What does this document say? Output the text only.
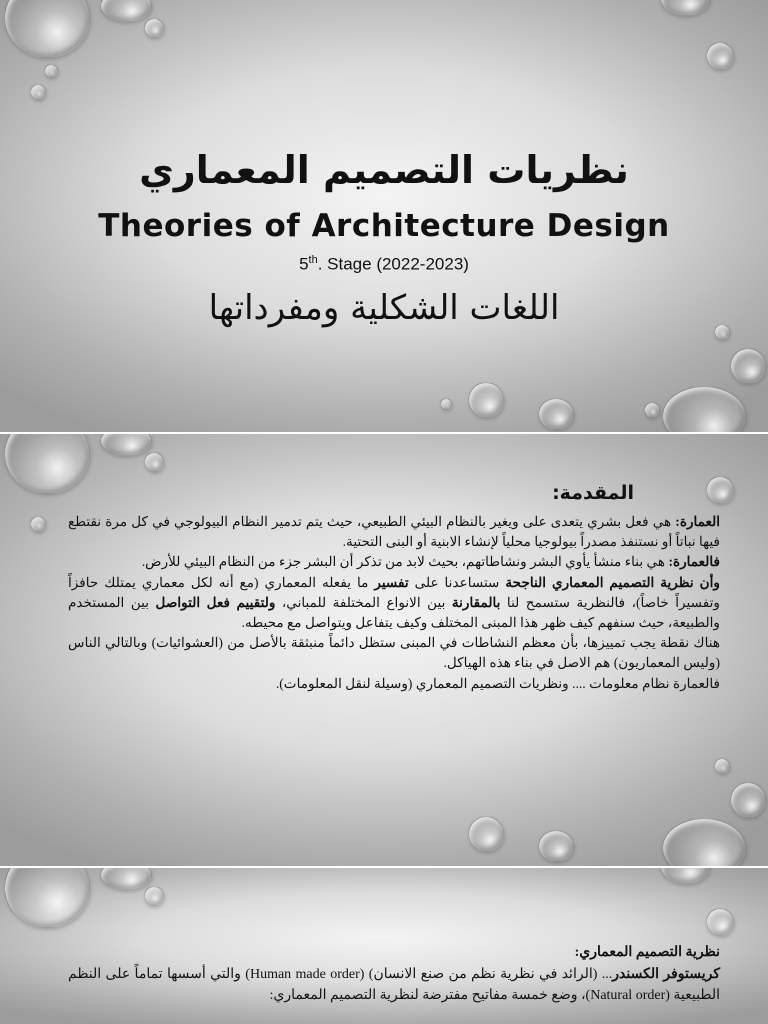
نظريات التصميم المعماري
Theories of Architecture Design
5th. Stage (2022-2023)
اللغات الشكلية ومفرداتها
المقدمة:

العمارة: هي فعل بشري يتعدى على ويغير بالنظام البيئي الطبيعي، حيث يتم تدمير النظام البيولوجي في كل مرة نقتطع فيها نباتاً أو نستنفذ مصدراً بيولوجيا محلياً لإنشاء الابنية أو البنى التحتية.

فالعمارة: هي بناء منشأ يأوي البشر ونشاطاتهم، بحيث لابد من تذكر أن البشر جزء من النظام البيئي للأرض.

وأن نظرية التصميم المعماري الناجحة ستساعدنا على تفسير ما يفعله المعماري (مع أنه لكل معماري يمتلك حافزاً وتفسيراً خاصاً)، فالنظرية ستسمح لنا بالمقارنة بين الانواع المختلفة للمباني، ولتقييم فعل التواصل بين المستخدم والطبيعة، حيث سنفهم كيف ظهر هذا المبنى المختلف وكيف يتفاعل ويتواصل مع محيطه.

هناك نقطة يجب تمييزها، بأن معظم النشاطات في المبنى ستظل دائماً منبثقة بالأصل من (العشوائيات) وبالتالي الناس (وليس المعماريون) هم الاصل في بناء هذه الهياكل.

فالعمارة نظام معلومات .... ونظريات التصميم المعماري (وسيلة لنقل المعلومات).

نظرية التصميم المعماري:

كريستوفر الكسندر... (الرائد في نظرية نظم من صنع الانسان) (Human made order) والتي أسسها تماماً على النظم الطبيعية (Natural order)، وضع خمسة مفاتيح مفترضة لنظرية التصميم المعماري:
